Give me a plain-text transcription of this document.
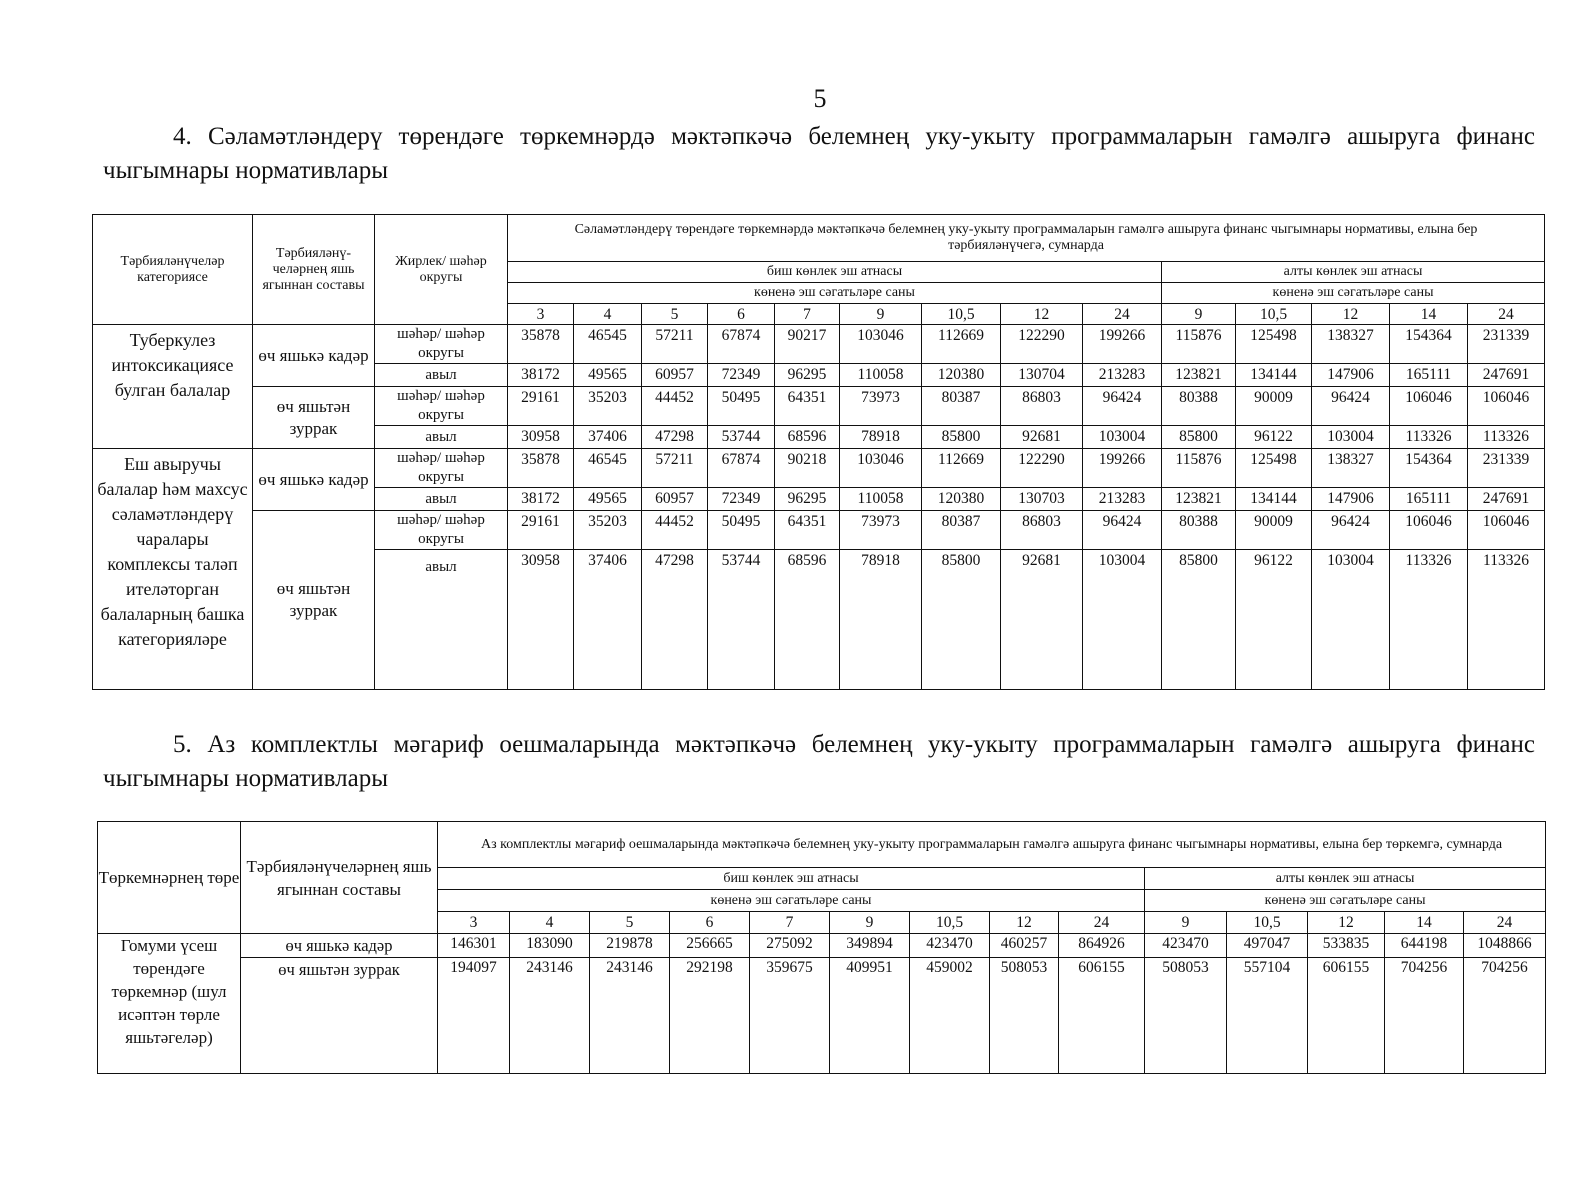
5
4. Сәламәтләндерү төрендәге төркемнәрдә мәктәпкәчә белемнең уку-укыту программаларын гамәлгә ашыруга финанс
чыгымнары нормативлары
Тәрбияләнүчеләр категориясе	Тәрбияләнү-челәрнең яшь ягыннан составы	Жирлек/ шәһәр округы	Сәламәтләндерү төрендәге төркемнәрдә мәктәпкәчә белемнең уку-укыту программаларын гамәлгә ашыруга финанс чыгымнары нормативы, елына бер тәрбияләнүчегә, сумнарда													
			биш көнлек эш атнасы									алты көнлек эш атнасы				
			көненә эш сәгатьләре саны									көненә эш сәгатьләре саны				
			3	4	5	6	7	9	10,5	12	24	9	10,5	12	14	24
Туберкулез интоксикациясе булган балалар	өч яшькә кадәр	шәһәр/ шәһәр округы	35878	46545	57211	67874	90217	103046	112669	122290	199266	115876	125498	138327	154364	231339
		авыл	38172	49565	60957	72349	96295	110058	120380	130704	213283	123821	134144	147906	165111	247691
	өч яшьтән зуррак	шәһәр/ шәһәр округы	29161	35203	44452	50495	64351	73973	80387	86803	96424	80388	90009	96424	106046	106046
		авыл	30958	37406	47298	53744	68596	78918	85800	92681	103004	85800	96122	103004	113326	113326
Еш авыручы балалар һәм махсус сәламәтләндерү чаралары комплексы таләп ителәторган балаларның башка категорияләре	өч яшькә кадәр	шәһәр/ шәһәр округы	35878	46545	57211	67874	90218	103046	112669	122290	199266	115876	125498	138327	154364	231339
		авыл	38172	49565	60957	72349	96295	110058	120380	130703	213283	123821	134144	147906	165111	247691
	өч яшьтән зуррак	шәһәр/ шәһәр округы	29161	35203	44452	50495	64351	73973	80387	86803	96424	80388	90009	96424	106046	106046
		авыл	30958	37406	47298	53744	68596	78918	85800	92681	103004	85800	96122	103004	113326	113326
5. Аз комплектлы мәгариф оешмаларында мәктәпкәчә белемнең уку-укыту программаларын гамәлгә ашыруга финанс
чыгымнары нормативлары
Төркемнәрнең төре	Тәрбияләнүчеләрнең яшь ягыннан составы	Аз комплектлы мәгариф оешмаларында мәктәпкәчә белемнең уку-укыту программаларын гамәлгә ашыруга финанс чыгымнары нормативы, елына бер төркемгә, сумнарда													
		биш көнлек эш атнасы									алты көнлек эш атнасы				
		көненә эш сәгатьләре саны									көненә эш сәгатьләре саны				
		3	4	5	6	7	9	10,5	12	24	9	10,5	12	14	24
Гомуми үсеш төрендәге төркемнәр (шул исәптән төрле яшьтәгеләр)	өч яшькә кадәр	146301	183090	219878	256665	275092	349894	423470	460257	864926	423470	497047	533835	644198	1048866
	өч яшьтән зуррак	194097	243146	243146	292198	359675	409951	459002	508053	606155	508053	557104	606155	704256	704256
